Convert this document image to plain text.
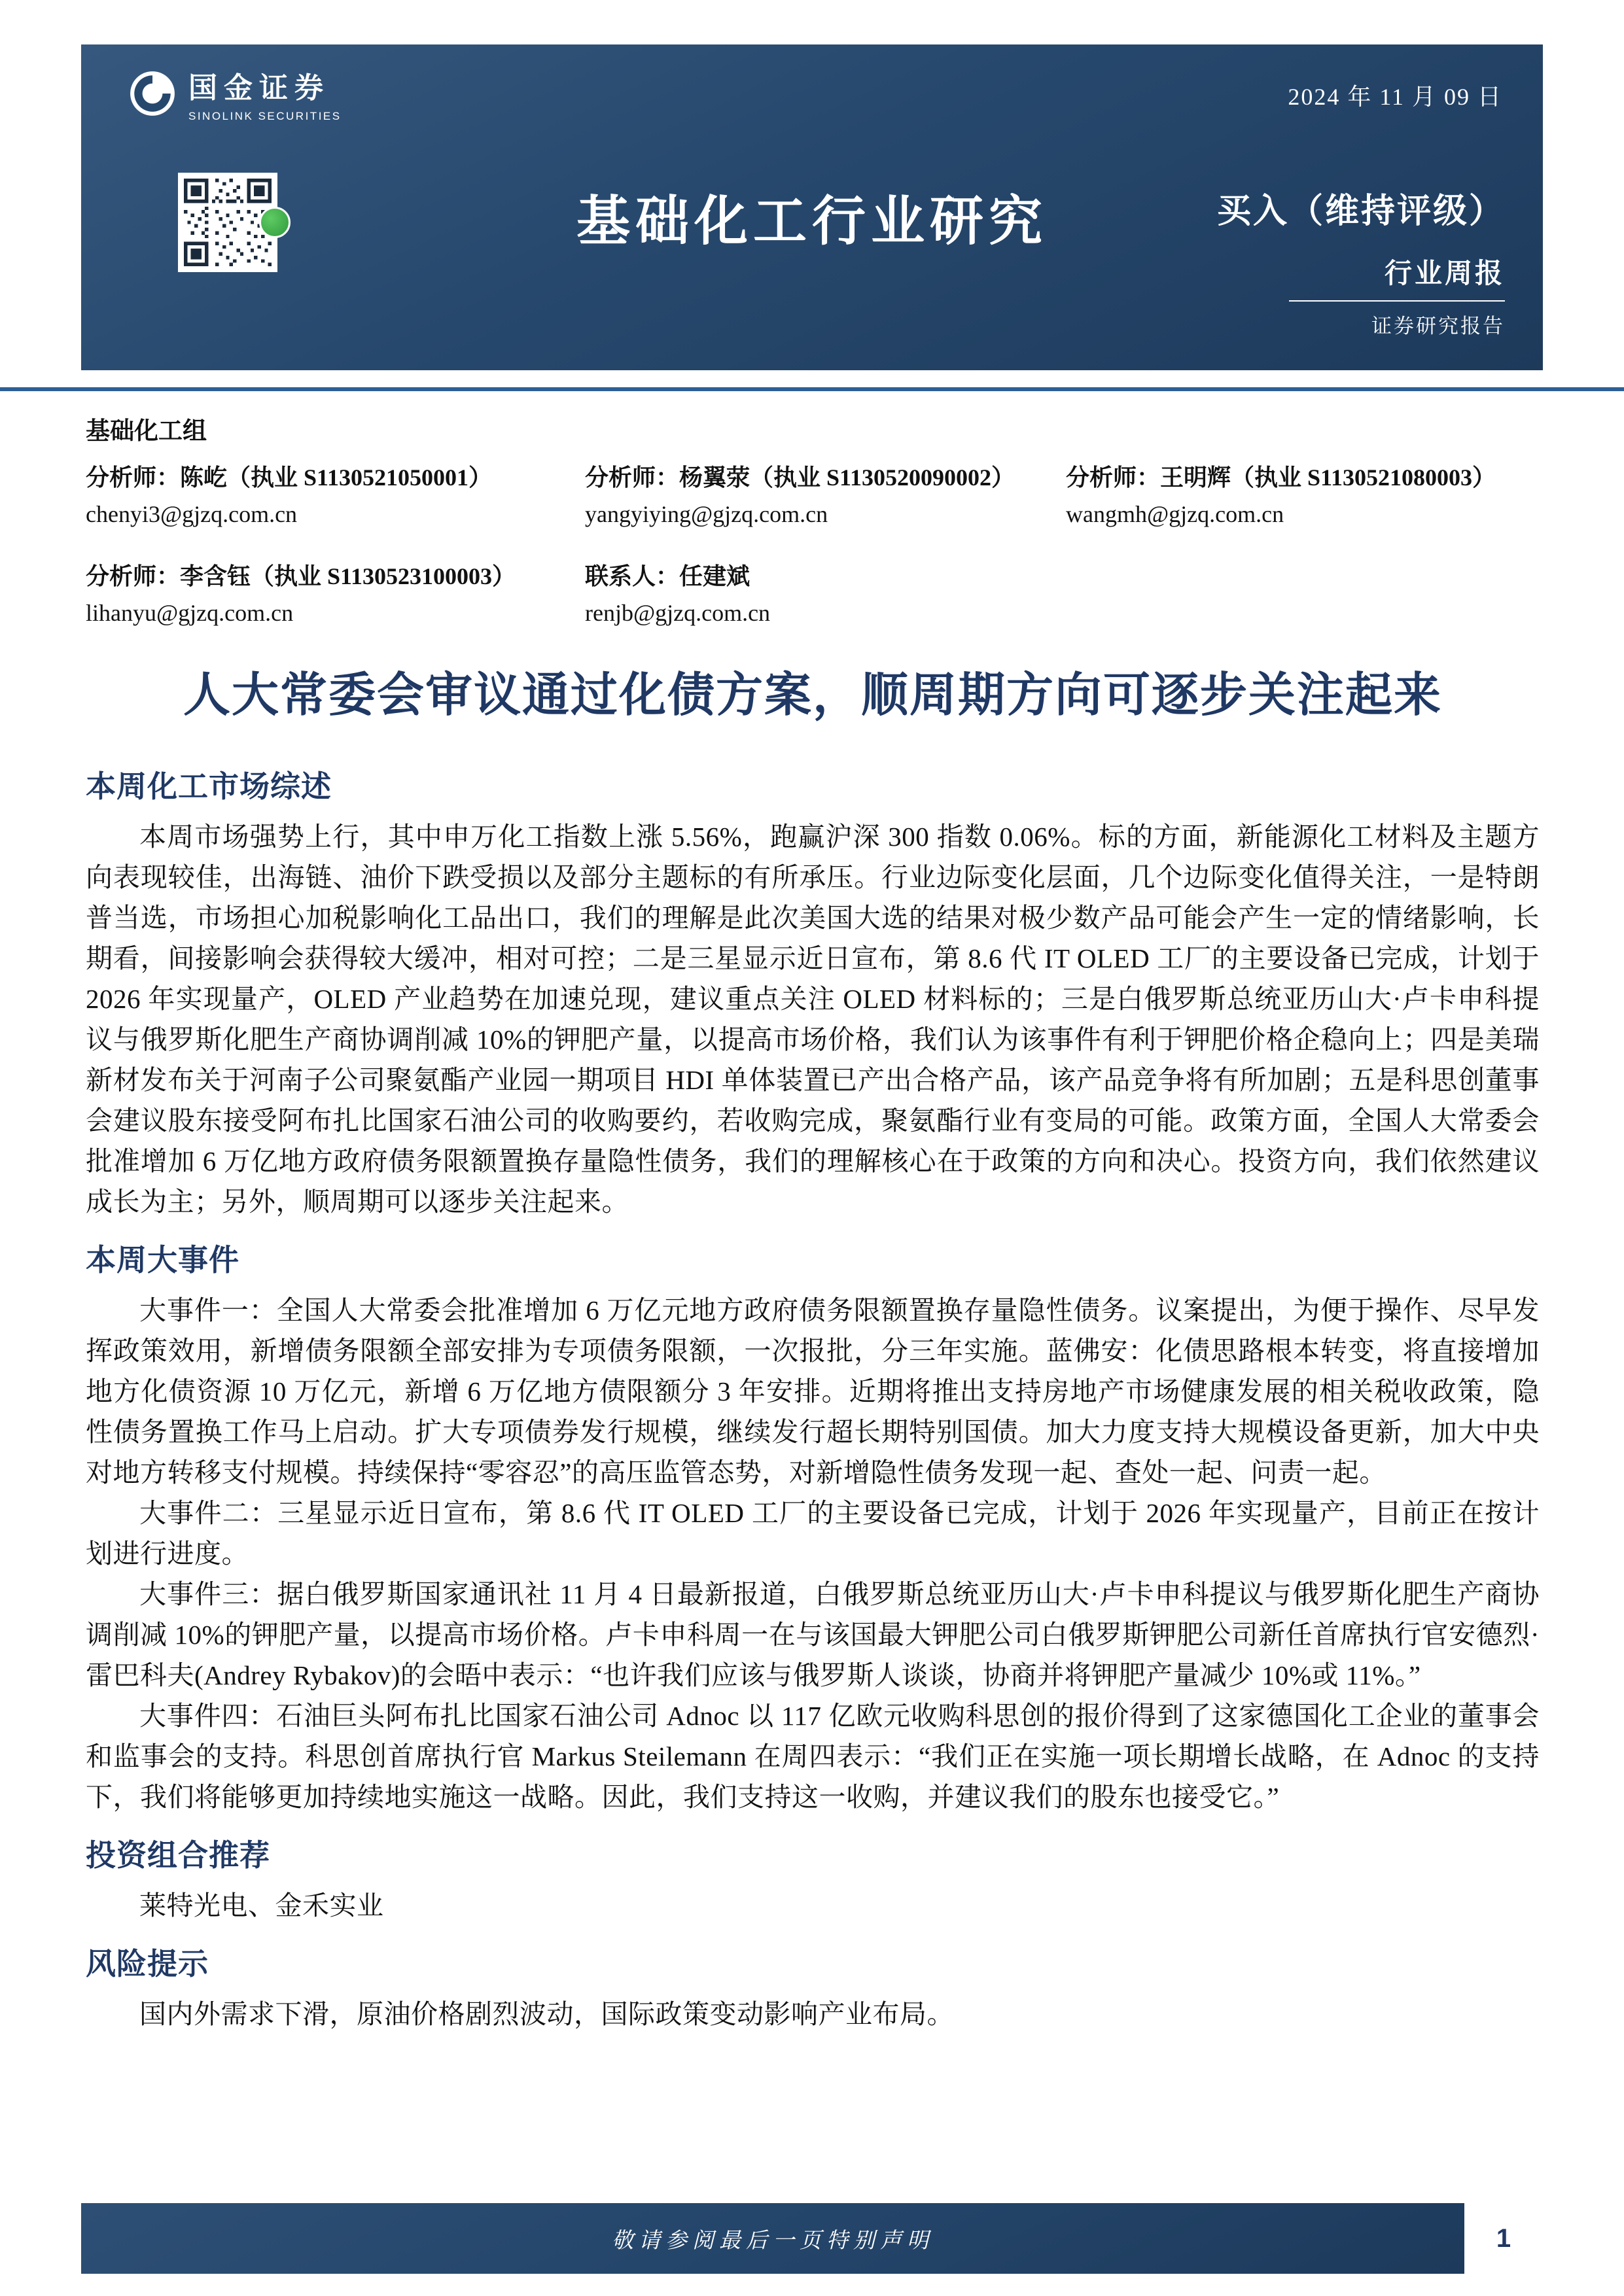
国金证券
SINOLINK SECURITIES
2024 年 11 月 09 日
基础化工行业研究	买入（维持评级）
行业周报
证券研究报告
基础化工组
分析师：陈屹（执业 S1130521050001）
chenyi3@gjzq.com.cn
分析师：杨翼荥（执业 S1130520090002）
yangyiying@gjzq.com.cn
分析师：王明辉（执业 S1130521080003）
wangmh@gjzq.com.cn
分析师：李含钰（执业 S1130523100003）
lihanyu@gjzq.com.cn
联系人：任建斌
renjb@gjzq.com.cn
人大常委会审议通过化债方案，顺周期方向可逐步关注起来
本周化工市场综述

本周市场强势上行，其中申万化工指数上涨 5.56%，跑赢沪深 300 指数 0.06%。标的方面，新能源化工材料及主题方向表现较佳，出海链、油价下跌受损以及部分主题标的有所承压。行业边际变化层面，几个边际变化值得关注，一是特朗普当选，市场担心加税影响化工品出口，我们的理解是此次美国大选的结果对极少数产品可能会产生一定的情绪影响，长期看，间接影响会获得较大缓冲，相对可控；二是三星显示近日宣布，第 8.6 代 IT OLED 工厂的主要设备已完成，计划于 2026 年实现量产，OLED 产业趋势在加速兑现，建议重点关注 OLED 材料标的；三是白俄罗斯总统亚历山大·卢卡申科提议与俄罗斯化肥生产商协调削减 10%的钾肥产量，以提高市场价格，我们认为该事件有利于钾肥价格企稳向上；四是美瑞新材发布关于河南子公司聚氨酯产业园一期项目 HDI 单体装置已产出合格产品，该产品竞争将有所加剧；五是科思创董事会建议股东接受阿布扎比国家石油公司的收购要约，若收购完成，聚氨酯行业有变局的可能。政策方面，全国人大常委会批准增加 6 万亿地方政府债务限额置换存量隐性债务，我们的理解核心在于政策的方向和决心。投资方向，我们依然建议成长为主；另外，顺周期可以逐步关注起来。

本周大事件

大事件一：全国人大常委会批准增加 6 万亿元地方政府债务限额置换存量隐性债务。议案提出，为便于操作、尽早发挥政策效用，新增债务限额全部安排为专项债务限额，一次报批，分三年实施。蓝佛安：化债思路根本转变，将直接增加地方化债资源 10 万亿元，新增 6 万亿地方债限额分 3 年安排。近期将推出支持房地产市场健康发展的相关税收政策，隐性债务置换工作马上启动。扩大专项债券发行规模，继续发行超长期特别国债。加大力度支持大规模设备更新，加大中央对地方转移支付规模。持续保持“零容忍”的高压监管态势，对新增隐性债务发现一起、查处一起、问责一起。

大事件二：三星显示近日宣布，第 8.6 代 IT OLED 工厂的主要设备已完成，计划于 2026 年实现量产，目前正在按计划进行进度。

大事件三：据白俄罗斯国家通讯社 11 月 4 日最新报道，白俄罗斯总统亚历山大·卢卡申科提议与俄罗斯化肥生产商协调削减 10%的钾肥产量，以提高市场价格。卢卡申科周一在与该国最大钾肥公司白俄罗斯钾肥公司新任首席执行官安德烈·雷巴科夫(Andrey Rybakov)的会晤中表示：“也许我们应该与俄罗斯人谈谈，协商并将钾肥产量减少 10%或 11%。”

大事件四：石油巨头阿布扎比国家石油公司 Adnoc 以 117 亿欧元收购科思创的报价得到了这家德国化工企业的董事会和监事会的支持。科思创首席执行官 Markus Steilemann 在周四表示：“我们正在实施一项长期增长战略，在 Adnoc 的支持下，我们将能够更加持续地实施这一战略。因此，我们支持这一收购，并建议我们的股东也接受它。”

投资组合推荐

莱特光电、金禾实业

风险提示

国内外需求下滑，原油价格剧烈波动，国际政策变动影响产业布局。

敬请参阅最后一页特别声明	1
